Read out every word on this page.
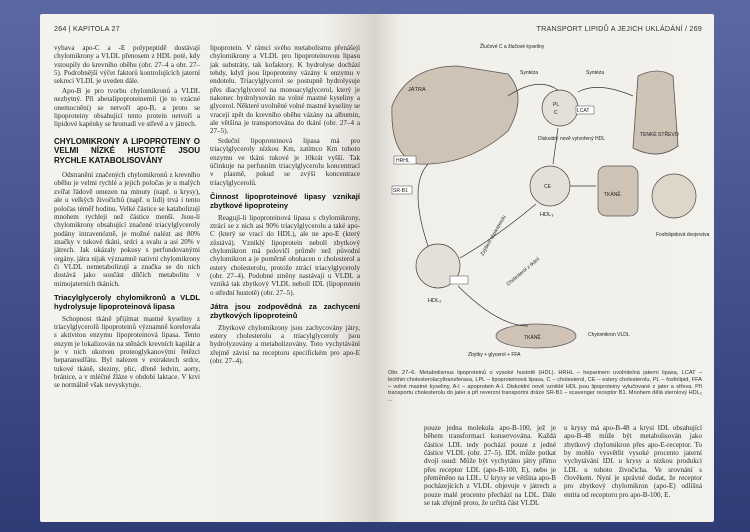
264 | KAPITOLA 27

vybava apo-C a -E polypeptidě dostávají chylomikrony a VLDL přenosem z HDL poté, kdy vstoupily do krevního oběhu (obr. 27–4 a obr. 27–5). Podrobnější výčet faktorů kontrolujících jaterní sekreci VLDL je uveden dále.

Apo-B je pro tvorbu chylomikronů a VLDL nezbytný. Při abetalipoproteinemii (je to vzácné onemocnění) se netvoří apo-B, a proto se lipoproteiny obsahující tento protein netvoří a lipidové kapénky se hromadí ve střevě a v játrech.

CHYLOMIKRONY A LIPOPROTEINY O VELMI NÍZKÉ HUSTOTĚ JSOU RYCHLE KATABOLISOVÁNY

Odstranění značených chylomikronů z krevního oběhu je velmi rychlé a jejich poločas je u malých zvířat řádově omezen na minuty (např. u krysy), ale u velkých živočichů (např. u lidí) trvá i tento poločas téměř hodinu. Velké částice se katabolizují mnohem rychleji než částice menší. Jsou-li chylomikrony obsahující značené triacylglyceroly podány intravenózně, je možné nalézt asi 80% značky v tukové tkáni, srdci a svalu a asi 20% v játrech. Jak ukázaly pokusy s perfundovanými orgány, játra nijak významně nativní chylomikrony či VLDL nemetabolizují a značka se do nich dostává jako součást dílčích metabolitu v mimojaterních tkáních.

Triacylglyceroly chylomikronů a VLDL hydrolysuje lipoproteinová lipasa

Schopnost tkáně přijímat mastné kyseliny z triacylglycerolů lipoproteinů významně korelovala s aktivitou enzymu lipoproteinová lipasa. Tento enzym je lokalizován na stěnách krevních kapilár a je v nich ukotven proteoglykanovými řetězci heparansulfátu. Byl nalezen v extraktech srdce, tukové tkáně, sleziny, plic, dřeně ledvin, aorty, bránice, a v mléčné žláze v období laktace. V krvi se normálně však nevyskytuje.

lipoprotein. V rámci svého metabolismu přenášejí chylomikrony a VLDL pro lipoproteinovou lipasu jak substráty, tak kofaktory. K hydrolyse dochází tehdy, když jsou lipoproteiny vázány k enzymu v endotelu. Triacylglycerol se postupně hydrolysuje přes diacylglycerol na monoacylglycerol, který je nakonec hydrolysován na volné mastné kyseliny a glycerol. Některé uvolněné volné mastné kyseliny se vracejí zpět do krevního oběhu vázány na albumin, ale většina je transportována do tkání (obr. 27–4 a 27–5).

Srdeční lipoproteinová lipasa má pro triacylglyceroly nízkou Km, zatímco Km tohoto enzymu ve tkáni tukové je 10krát vyšší. Tak účinkuje na perfusním triacylglycerolu koncentrací v plasmě, pokud se zvýší koncentrace triacylglycerolů.

Činnost lipoproteinové lipasy vznikají zbytkové lipoproteiny

Reagují-li lipoproteinová lipasa s chylomikrony, ztrácí se z nich asi 90% triacylglycerolu a také apo-C (který se vrací do HDL), ale ne apo-E (který zůstává). Vzniklý lipoprotein nebolí zbytkový chylomikron má polovičí průměr než původní chylomikron a je poměrně obohacen o cholesterol a estery cholesterolu, protože ztrácí triacylglyceroly (obr. 27–4). Podobné změny nastávají u VLDL a vzniká tak zbytkový VLDL nebolí IDL (lipoprotein o střední hustotě) (obr. 27–5).

Játra jsou zodpovědná za zachycení zbytkových lipoproteinů

Zbytkové chylomikrony jsou zachycovány játry, estery cholesterolu a triacylglyceroly jsou hydrolyzovány a metabolizovány. Toto vychytávání zřejmě závisí na receptoru specifickém pro apo-E (obr. 27–4).

TRANSPORT LIPIDŮ A JEJICH UKLÁDÁNÍ / 269
JÁTRA
TENKÉ STŘEVO
Žlučové C a žlučové kyseliny
Syntéza	Syntéza
PL
C	LCAT
Diskoidní nově vytvořený HDL
CE
HDL₃
TKÁNĚ
Fosfolipidová dvojvrstva
HDL₂
HRHL
SR-B1
TKÁNĚ	Chylomikron VLDL
Zbytky + glycerol + FFA
Zvýšení cholesterolu
Cholesterol z tkání
Obr. 27–6. Metabolismus lipoproteinů o vysoké hustotě (HDL). HRHL – heparinem uvolnitelná jaterní lipasa, LCAT – lecithin:cholesterolacyltransferasa, LPL – lipoproteinová lipasa, C – cholesterol, CE – estery cholesterolu, PL – fosfolipid, FFA – volné mastné kyseliny, A-I – apoprotein A-I. Diskoidní nově vzniklé HDL jsou lipoproteiny vylučované z jater a střeva. Při transportu cholesterolu do jater a při reverzní transportní dráze SR-B1 – scavenger receptor B1. Mnohem dělá sterolový HDL₂ ...

pouze jedna molekula apo-B-100, jež je během transformací konservována. Každá částice LDL tedy pochází pouze z jedné částice VLDL (obr. 27–5). IDL může potkat dvojí osud: Může být vychytáno játry přímo přes receptor LDL (apo-B-100, E), nebo je přeměněno na LDL. U krysy se většina apo-B pocházejících z VLDL objevuje v játrech a pouze malé procento přechází na LDL. Dále se tak zřejmě proto, že určitá část VLDL

u krysy má apo-B-48 a krysí IDL obsahující apo-B-48 může být metabolisován jako zbytkový chylomikron přes apo-E-receptor. To by mohlo vysvětlit vysoké procento jaterní vychytávání IDL u krysy a nízkou produkci LDL u tohoto živočicha. Ve srovnání s člověkem. Nyní je správné dodat, že receptor pro zbytkový chylomikron (apo-E) odlišná entita od receptoru pro apo-B-100, E.
